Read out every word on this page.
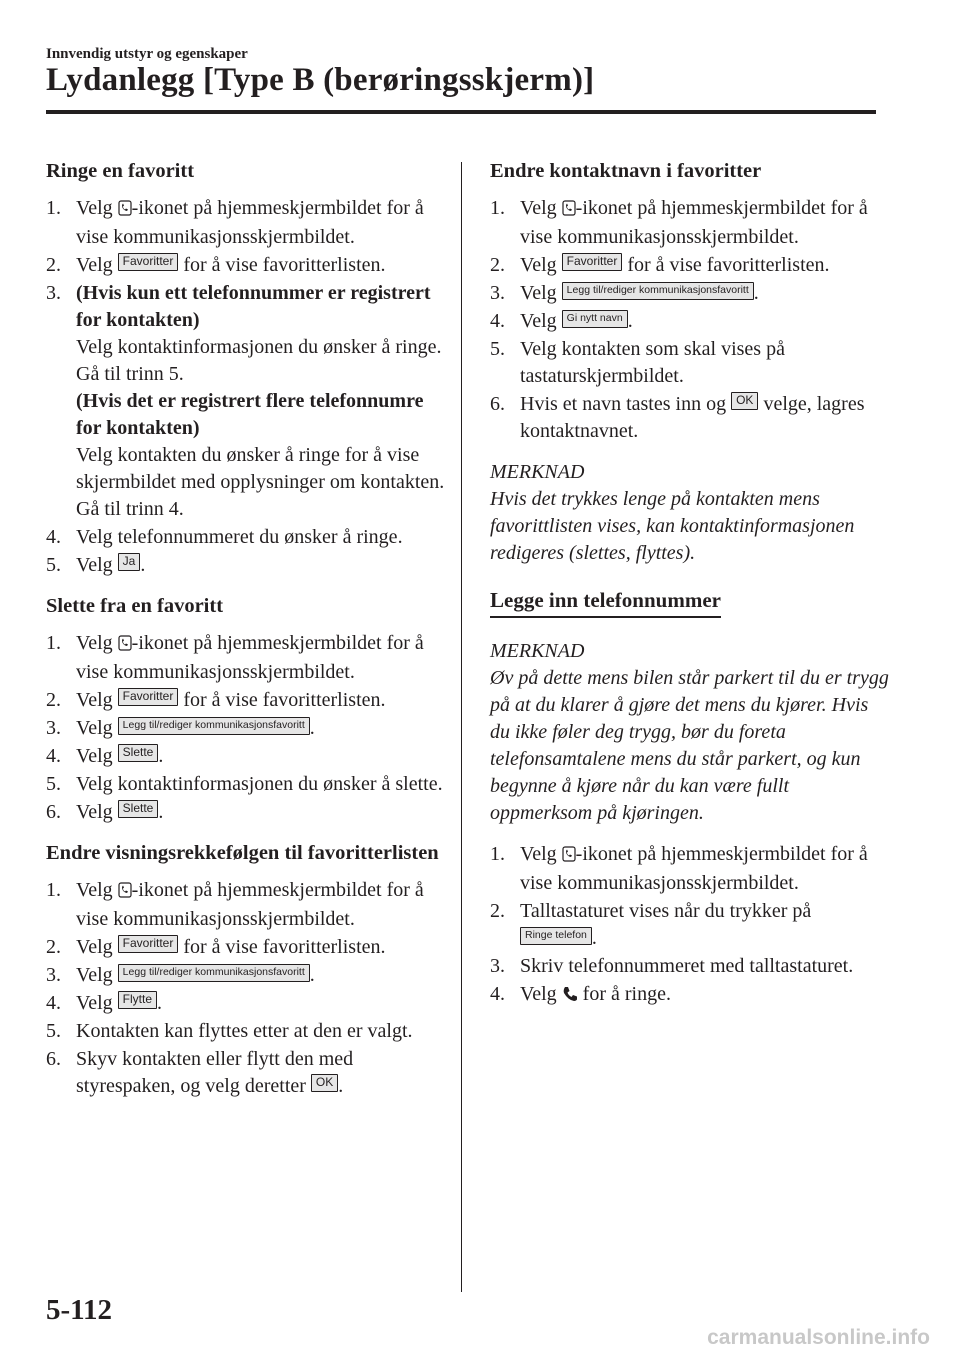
Innvendig utstyr og egenskaper
Lydanlegg [Type B (berøringsskjerm)]
Ringe en favoritt
1. Velg -ikonet på hjemmeskjermbildet for å vise kommunikasjonsskjermbildet.
2. Velg Favoritter for å vise favoritterlisten.
3. (Hvis kun ett telefonnummer er registrert for kontakten)
Velg kontaktinformasjonen du ønsker å ringe. Gå til trinn 5.
(Hvis det er registrert flere telefonnumre for kontakten)
Velg kontakten du ønsker å ringe for å vise skjermbildet med opplysninger om kontakten. Gå til trinn 4.
4. Velg telefonnummeret du ønsker å ringe.
5. Velg Ja .
Slette fra en favoritt
1. Velg -ikonet på hjemmeskjermbildet for å vise kommunikasjonsskjermbildet.
2. Velg Favoritter for å vise favoritterlisten.
3. Velg Legg til/rediger kommunikasjonsfavoritt .
4. Velg Slette .
5. Velg kontaktinformasjonen du ønsker å slette.
6. Velg Slette .
Endre visningsrekkefølgen til favoritterlisten
1. Velg -ikonet på hjemmeskjermbildet for å vise kommunikasjonsskjermbildet.
2. Velg Favoritter for å vise favoritterlisten.
3. Velg Legg til/rediger kommunikasjonsfavoritt .
4. Velg Flytte .
5. Kontakten kan flyttes etter at den er valgt.
6. Skyv kontakten eller flytt den med styrespaken, og velg deretter OK .
Endre kontaktnavn i favoritter
1. Velg -ikonet på hjemmeskjermbildet for å vise kommunikasjonsskjermbildet.
2. Velg Favoritter for å vise favoritterlisten.
3. Velg Legg til/rediger kommunikasjonsfavoritt .
4. Velg Gi nytt navn .
5. Velg kontakten som skal vises på tastaturskjermbildet.
6. Hvis et navn tastes inn og OK velge, lagres kontaktnavnet.

MERKNAD

Hvis det trykkes lenge på kontakten mens favorittlisten vises, kan kontaktinformasjonen redigeres (slettes, flyttes).

Legge inn telefonnummer

MERKNAD

Øv på dette mens bilen står parkert til du er trygg på at du klarer å gjøre det mens du kjører. Hvis du ikke føler deg trygg, bør du foreta telefonsamtalene mens du står parkert, og kun begynne å kjøre når du kan være fullt oppmerksom på kjøringen.

1. Velg -ikonet på hjemmeskjermbildet for å vise kommunikasjonsskjermbildet.
2. Talltastaturet vises når du trykker på
Ringe telefon .
3. Skriv telefonnummeret med talltastaturet.
4. Velg  for å ringe.
5-112
carmanualsonline.info
